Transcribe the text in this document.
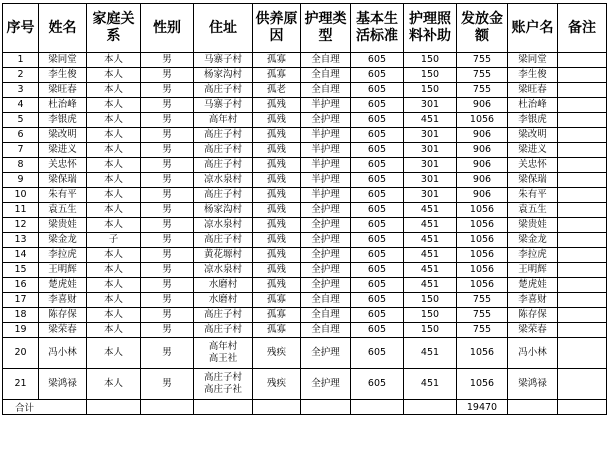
序号	姓名	家庭关系	性别	住址	供养原因	护理类型	基本生活标准	护理照料补助	发放金额	账户名	备注
1	梁同堂	本人	男	马寨子村	孤寡	全自理	605	150	755	梁同堂	
2	李生俊	本人	男	杨家沟村	孤寡	全自理	605	150	755	李生俊	
3	梁旺春	本人	男	高庄子村	孤老	全自理	605	150	755	梁旺春	
4	杜治峰	本人	男	马寨子村	孤残	半护理	605	301	906	杜治峰	
5	李银虎	本人	男	高年村	孤残	全护理	605	451	1056	李银虎	
6	梁改明	本人	男	高庄子村	孤残	半护理	605	301	906	梁改明	
7	梁进义	本人	男	高庄子村	孤残	半护理	605	301	906	梁进义	
8	关忠怀	本人	男	高庄子村	孤残	半护理	605	301	906	关忠怀	
9	梁保瑞	本人	男	凉水泉村	孤残	半护理	605	301	906	梁保瑞	
10	朱有平	本人	男	高庄子村	孤残	半护理	605	301	906	朱有平	
11	袁五生	本人	男	杨家沟村	孤残	全护理	605	451	1056	袁五生	
12	梁贵娃	本人	男	凉水泉村	孤残	全护理	605	451	1056	梁贵娃	
13	梁金龙	子	男	高庄子村	孤残	全护理	605	451	1056	梁金龙	
14	李拉虎	本人	男	黄花塬村	孤残	全护理	605	451	1056	李拉虎	
15	王明辉	本人	男	凉水泉村	孤残	全护理	605	451	1056	王明辉	
16	楚虎娃	本人	男	水磨村	孤残	全护理	605	451	1056	楚虎娃	
17	李喜财	本人	男	水磨村	孤寡	全自理	605	150	755	李喜财	
18	陈存保	本人	男	高庄子村	孤寡	全自理	605	150	755	陈存保	
19	梁荣春	本人	男	高庄子村	孤寡	全自理	605	150	755	梁荣春	
20	冯小林	本人	男	高年村
高王社	残疾	全护理	605	451	1056	冯小林	
21	梁鸿禄	本人	男	高庄子村
高庄子社	残疾	全护理	605	451	1056	梁鸿禄	
合计									19470		
